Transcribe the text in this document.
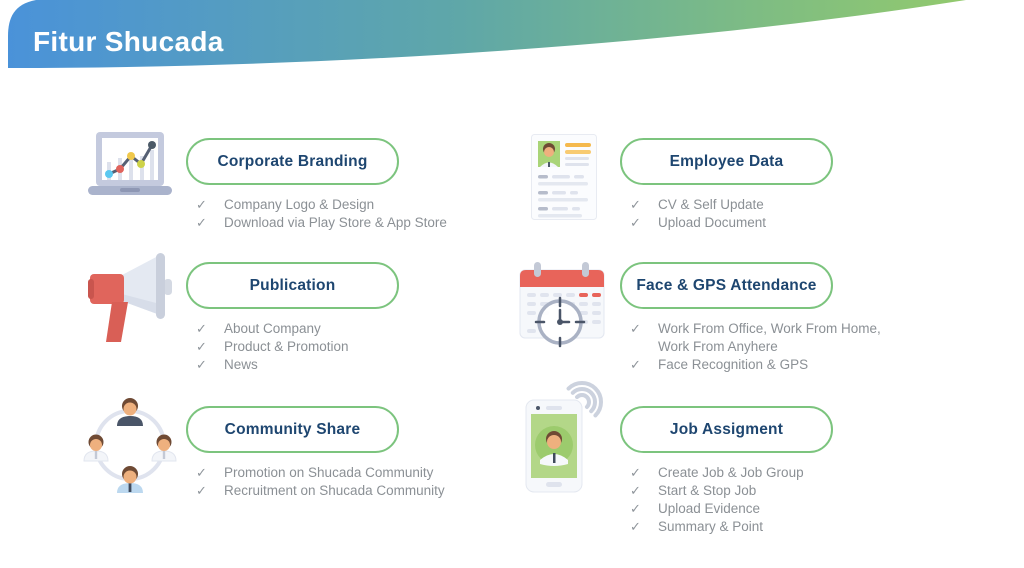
Fitur Shucada
Corporate Branding
✓	Company Logo & Design
✓	Download via Play Store & App Store
Employee Data
✓	CV & Self Update
✓	Upload Document
Publication
✓	About Company
✓	Product & Promotion
✓	News
Face & GPS Attendance
✓	Work From Office, Work From Home, Work From Anyhere
✓	Face Recognition & GPS
Community Share
✓	Promotion on Shucada Community
✓	Recruitment on Shucada Community
Job Assigment
✓	Create Job & Job Group
✓	Start & Stop Job
✓	Upload Evidence
✓	Summary & Point
